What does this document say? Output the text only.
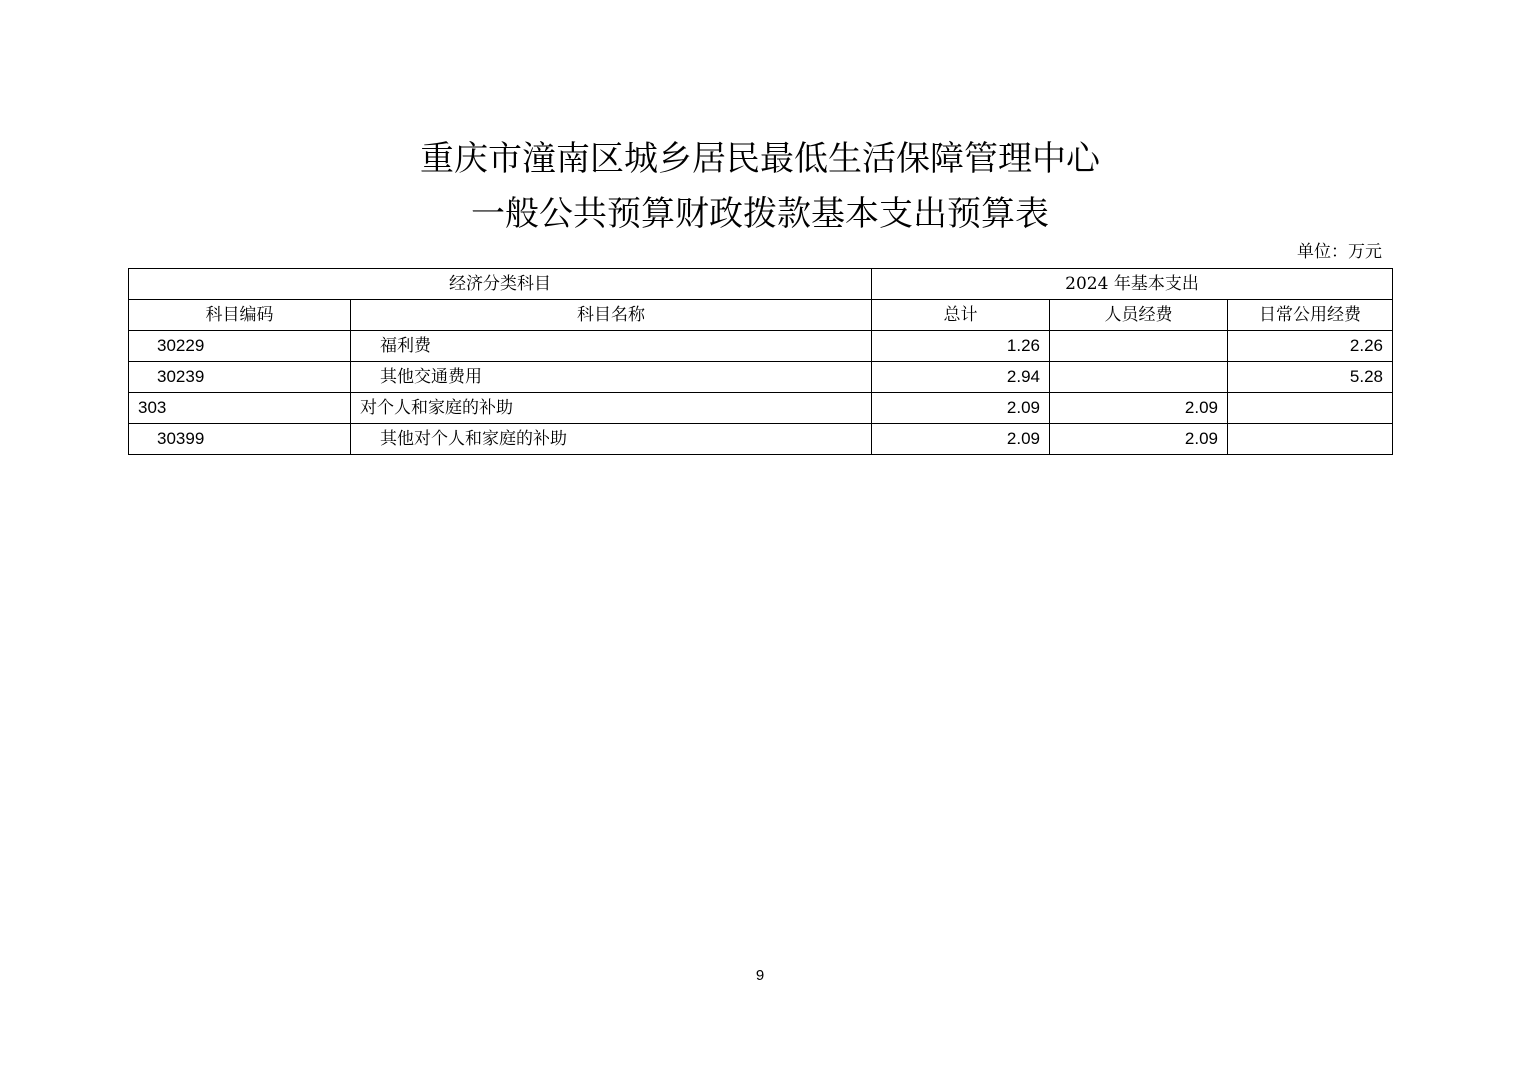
重庆市潼南区城乡居民最低生活保障管理中心
一般公共预算财政拨款基本支出预算表
单位：万元
经济分类科目		2024 年基本支出		
科目编码	科目名称	总计	人员经费	日常公用经费
30229	福利费	1.26		2.26
30239	其他交通费用	2.94		5.28
303	对个人和家庭的补助	2.09	2.09	
30399	其他对个人和家庭的补助	2.09	2.09	
9
